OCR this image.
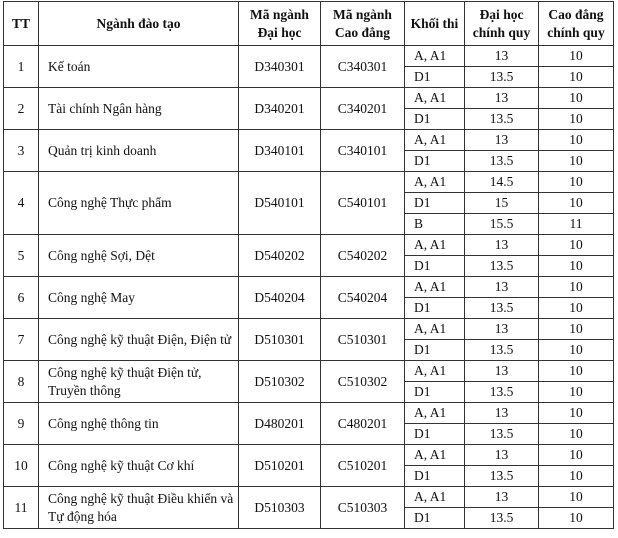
TT	Ngành đào tạo	Mã ngành Đại học	Mã ngành Cao đẳng	Khối thi	Đại học chính quy	Cao đẳng chính quy
1	Kế toán	D340301	C340301	A, A1	13	10
				D1	13.5	10
2	Tài chính Ngân hàng	D340201	C340201	A, A1	13	10
				D1	13.5	10
3	Quản trị kinh doanh	D340101	C340101	A, A1	13	10
				D1	13.5	10
4	Công nghệ Thực phẩm	D540101	C540101	A, A1	14.5	10
				D1	15	10
				B	15.5	11
5	Công nghệ Sợi, Dệt	D540202	C540202	A, A1	13	10
				D1	13.5	10
6	Công nghệ May	D540204	C540204	A, A1	13	10
				D1	13.5	10
7	Công nghệ kỹ thuật Điện, Điện tử	D510301	C510301	A, A1	13	10
				D1	13.5	10
8	Công nghệ kỹ thuật Điện tử, Truyền thông	D510302	C510302	A, A1	13	10
				D1	13.5	10
9	Công nghệ thông tin	D480201	C480201	A, A1	13	10
				D1	13.5	10
10	Công nghệ kỹ thuật Cơ khí	D510201	C510201	A, A1	13	10
				D1	13.5	10
11	Công nghệ kỹ thuật Điều khiển và Tự động hóa	D510303	C510303	A, A1	13	10
				D1	13.5	10
